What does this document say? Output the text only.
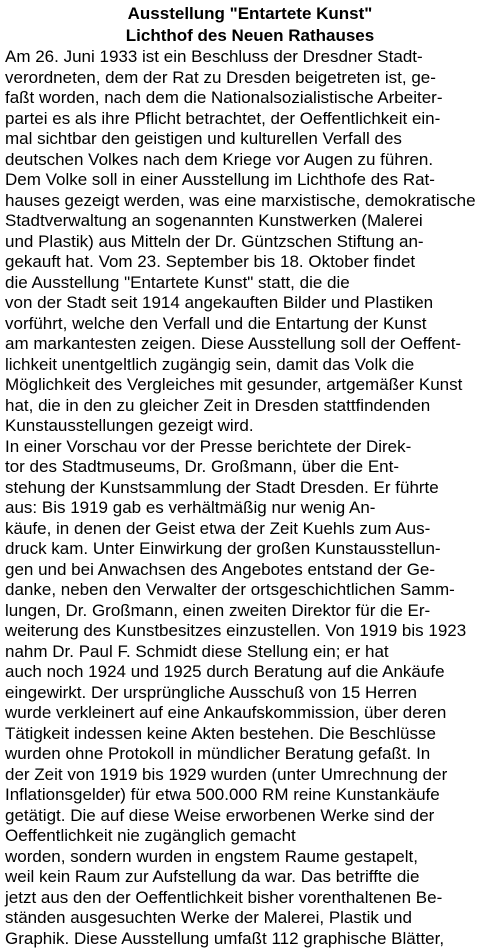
Ausstellung "Entartete Kunst"
Lichthof des Neuen Rathauses
Am 26. Juni 1933 ist ein Beschluss der Dresdner Stadt-
verordneten, dem der Rat zu Dresden beigetreten ist, ge-
faßt worden, nach dem die Nationalsozialistische Arbeiter-
partei es als ihre Pflicht betrachtet, der Oeffentlichkeit ein-
mal sichtbar den geistigen und kulturellen Verfall des
deutschen Volkes nach dem Kriege vor Augen zu führen.
Dem Volke soll in einer Ausstellung im Lichthofe des Rat-
hauses gezeigt werden, was eine marxistische, demokratische
Stadtverwaltung an sogenannten Kunstwerken (Malerei
und Plastik) aus Mitteln der Dr. Güntzschen Stiftung an-
gekauft hat. Vom 23. September bis 18. Oktober findet
die Ausstellung "Entartete Kunst" statt, die die
von der Stadt seit 1914 angekauften Bilder und Plastiken
vorführt, welche den Verfall und die Entartung der Kunst
am markantesten zeigen. Diese Ausstellung soll der Oeffent-
lichkeit unentgeltlich zugängig sein, damit das Volk die
Möglichkeit des Vergleiches mit gesunder, artgemäßer Kunst
hat, die in den zu gleicher Zeit in Dresden stattfindenden
Kunstausstellungen gezeigt wird.
In einer Vorschau vor der Presse berichtete der Direk-
tor des Stadtmuseums, Dr. Großmann, über die Ent-
stehung der Kunstsammlung der Stadt Dresden. Er führte
aus: Bis 1919 gab es verhältmäßig nur wenig An-
käufe, in denen der Geist etwa der Zeit Kuehls zum Aus-
druck kam. Unter Einwirkung der großen Kunstausstellun-
gen und bei Anwachsen des Angebotes entstand der Ge-
danke, neben den Verwalter der ortsgeschichtlichen Samm-
lungen, Dr. Großmann, einen zweiten Direktor für die Er-
weiterung des Kunstbesitzes einzustellen. Von 1919 bis 1923
nahm Dr. Paul F. Schmidt diese Stellung ein; er hat
auch noch 1924 und 1925 durch Beratung auf die Ankäufe
eingewirkt. Der ursprüngliche Ausschuß von 15 Herren
wurde verkleinert auf eine Ankaufskommission, über deren
Tätigkeit indessen keine Akten bestehen. Die Beschlüsse
wurden ohne Protokoll in mündlicher Beratung gefaßt. In
der Zeit von 1919 bis 1929 wurden (unter Umrechnung der
Inflationsgelder) für etwa 500.000 RM reine Kunstankäufe
getätigt. Die auf diese Weise erworbenen Werke sind der
Oeffentlichkeit nie zugänglich gemacht
worden, sondern wurden in engstem Raume gestapelt,
weil kein Raum zur Aufstellung da war. Das betriffte die
jetzt aus den der Oeffentlichkeit bisher vorenthaltenen Be-
ständen ausgesuchten Werke der Malerei, Plastik und
Graphik. Diese Ausstellung umfaßt 112 graphische Blätter,
